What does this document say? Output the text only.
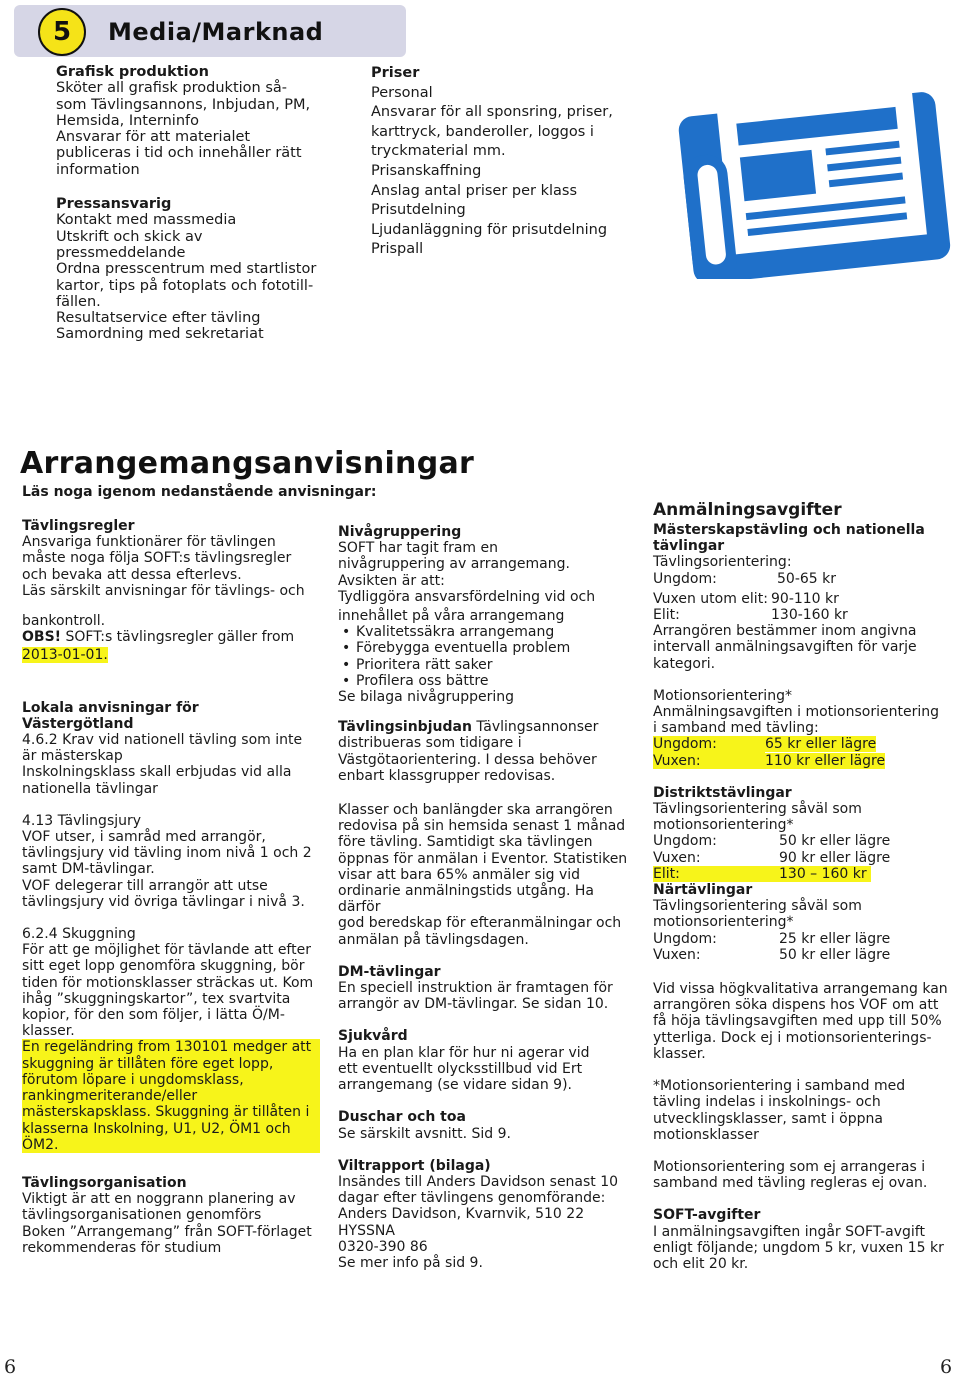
5	Media/Marknad
Grafisk produktion

Sköter all grafisk produktion så-

som Tävlingsannons, Inbjudan, PM,

Hemsida, Interninfo

Ansvarar för att materialet

publiceras i tid och innehåller rätt

information

Pressansvarig

Kontakt med massmedia

Utskrift och skick av

pressmeddelande

Ordna presscentrum med startlistor

kartor, tips på fotoplats och fototill-

fällen.

Resultatservice efter tävling

Samordning med sekretariat

Priser

Personal

Ansvarar för all sponsring, priser,

karttryck, banderoller, loggos i

tryckmaterial mm.

Prisanskaffning

Anslag antal priser per klass

Prisutdelning

Ljudanläggning för prisutdelning

Prispall

Arrangemangsanvisningar
Läs noga igenom nedanstående anvisningar:
Tävlingsregler

Ansvariga funktionärer för tävlingen

måste noga följa SOFT:s tävlingsregler

och bevaka att dessa efterlevs.

Läs särskilt anvisningar för tävlings- och

bankontroll.

OBS! SOFT:s tävlingsregler gäller from

2013-01-01.

Lokala anvisningar för
Västergötland

4.6.2 Krav vid nationell tävling som inte

är mästerskap

Inskolningsklass skall erbjudas vid alla

nationella tävlingar

4.13 Tävlingsjury

VOF utser, i samråd med arrangör,

tävlingsjury vid tävling inom nivå 1 och 2

samt DM-tävlingar.

VOF delegerar till arrangör att utse

tävlingsjury vid övriga tävlingar i nivå 3.

6.2.4 Skuggning

För att ge möjlighet för tävlande att efter

sitt eget lopp genomföra skuggning, bör

tiden för motionsklasser sträckas ut. Kom

ihåg ”skuggningskartor”, tex svartvita

kopior, för den som följer, i lätta Ö/M-

klasser.

En regeländring from 130101 medger att

skuggning är tillåten före eget lopp,

förutom löpare i ungdomsklass,

rankingmeriterande/eller

mästerskapsklass. Skuggning är tillåten i

klasserna Inskolning, U1, U2, ÖM1 och

ÖM2.

Tävlingsorganisation

Viktigt är att en noggrann planering av

tävlingsorganisationen genomförs

Boken ”Arrangemang” från SOFT-förlaget

rekommenderas för studium

Nivågruppering

SOFT har tagit fram en

nivågruppering av arrangemang.

Avsikten är att:

Tydliggöra ansvarsfördelning vid och

innehållet på våra arrangemang

• Kvalitetssäkra arrangemang
• Förebygga eventuella problem
• Prioritera rätt saker
• Profilera oss bättre

Se bilaga nivågruppering

Tävlingsinbjudan Tävlingsannonser

distribueras som tidigare i

Västgötaorientering. I dessa behöver

enbart klassgrupper redovisas.

Klasser och banlängder ska arrangören

redovisa på sin hemsida senast 1 månad

före tävling. Samtidigt ska tävlingen

öppnas för anmälan i Eventor. Statistiken

visar att bara 65% anmäler sig vid

ordinarie anmälningstids utgång. Ha därför

god beredskap för efteranmälningar och

anmälan på tävlingsdagen.

DM-tävlingar

En speciell instruktion är framtagen för

arrangör av DM-tävlingar. Se sidan 10.

Sjukvård

Ha en plan klar för hur ni agerar vid

ett eventuellt olycksstillbud vid Ert

arrangemang (se vidare sidan 9).

Duschar och toa

Se särskilt avsnitt. Sid 9.

Viltrapport (bilaga)

Insändes till Anders Davidson senast 10

dagar efter tävlingens genomförande:

Anders Davidson, Kvarnvik, 510 22

HYSSNA

0320-390 86

Se mer info på sid 9.

Anmälningsavgifter
Mästerskapstävling och nationella tävlingar

Tävlingsorientering:

Ungdom:	50-65 kr

Vuxen utom elit: 90-110 kr

Elit:	130-160 kr

Arrangören bestämmer inom angivna

intervall anmälningsavgiften för varje

kategori.

Motionsorientering*

Anmälningsavgiften i motionsorientering

i samband med tävling:

Ungdom:	65 kr eller lägre

Vuxen:	110 kr eller lägre

Distriktstävlingar

Tävlingsorientering såväl som

motionsorientering*

Ungdom:	50 kr eller lägre

Vuxen:	90 kr eller lägre

Elit:	130 – 160 kr

Närtävlingar

Tävlingsorientering såväl som

motionsorientering*

Ungdom:	25 kr eller lägre

Vuxen:	50 kr eller lägre

Vid vissa högkvalitativa arrangemang kan

arrangören söka dispens hos VOF om att

få höja tävlingsavgiften med upp till 50%

ytterliga. Dock ej i motionsorienterings-

klasser.

*Motionsorientering i samband med

tävling indelas i inskolnings- och

utvecklingsklasser, samt i öppna

motionsklasser

Motionsorientering som ej arrangeras i

samband med tävling regleras ej ovan.

SOFT-avgifter

I anmälningsavgiften ingår SOFT-avgift

enligt följande; ungdom 5 kr, vuxen 15 kr

och elit 20 kr.

6	6
